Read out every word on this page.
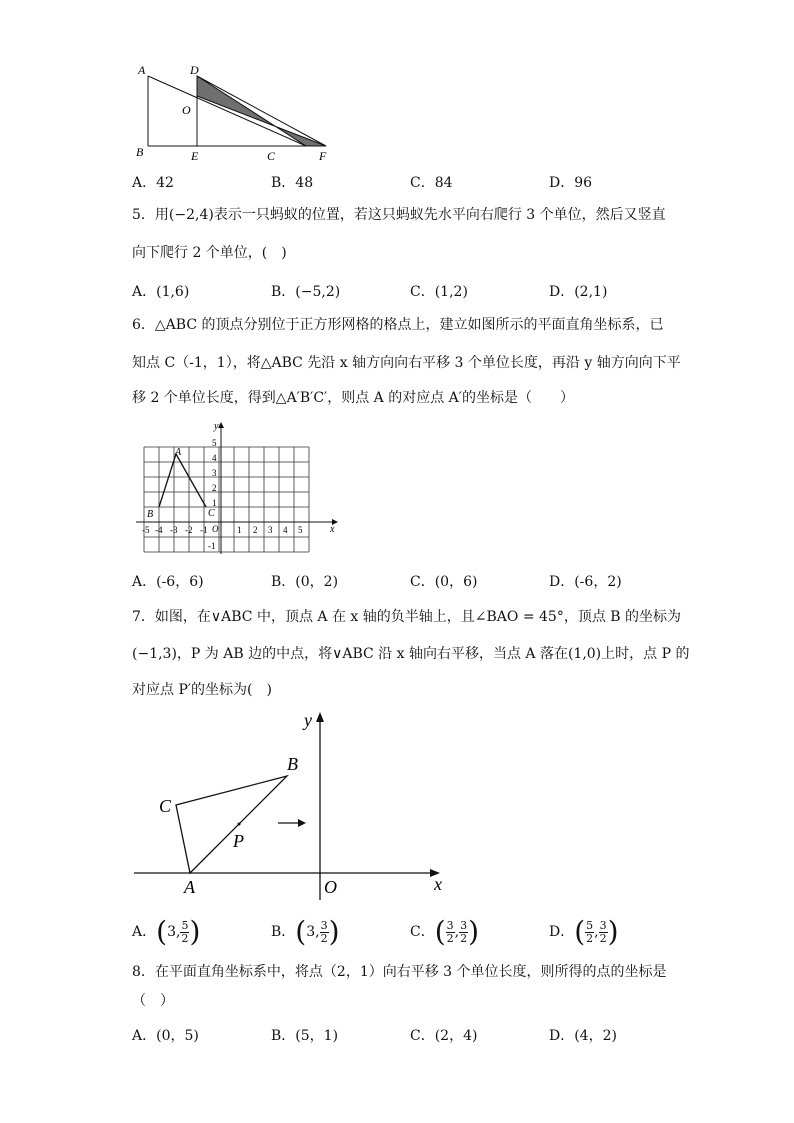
A	D
O
B	E	C	F
A．42	B．48	C．84	D．96
5．用(−2,4)表示一只蚂蚁的位置，若这只蚂蚁先水平向右爬行 3 个单位，然后又竖直
向下爬行 2 个单位，(　)
A．(1,6)	B．(−5,2)	C．(1,2)	D．(2,1)
6．△ABC 的顶点分别位于正方形网格的格点上，建立如图所示的平面直角坐标系，已
知点 C（-1，1），将△ABC 先沿 x 轴方向向右平移 3 个单位长度，再沿 y 轴方向向下平
移 2 个单位长度，得到△A′B′C′，则点 A 的对应点 A′的坐标是（　　）
y
x
O
-5 -4 -3 -2 -1	1 2 3 4 5
5
4
3
2
1
-1
A
B	C
A．(-6，6)	B．(0，2)	C．(0，6)	D．(-6，2)
7．如图，在∨ABC 中，顶点 A 在 x 轴的负半轴上，且∠BAO = 45°，顶点 B 的坐标为
(−1,3)，P 为 AB 边的中点，将∨ABC 沿 x 轴向右平移，当点 A 落在(1,0)上时，点 P 的
对应点 P′的坐标为(　)
y
x
O
A
B
C
P
A．(3, $\frac{5}{2}$ )	B．(3, $\frac{3}{2}$ )	C．( $\frac{3}{2}$ , $\frac{3}{2}$ )	D．( $\frac{5}{2}$ , $\frac{3}{2}$ )
8．在平面直角坐标系中，将点（2，1）向右平移 3 个单位长度，则所得的点的坐标是
（　）
A．(0，5)	B．(5，1)	C．(2，4)	D．(4，2)
